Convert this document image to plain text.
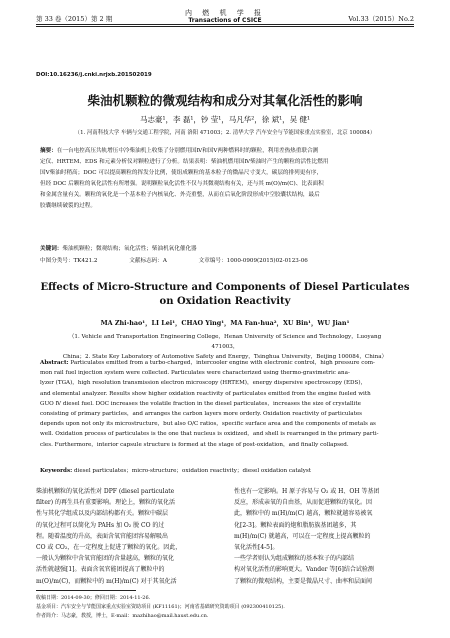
第 33 卷（2015）第 2 期
内 燃 机 学 报
Transactions of CSICE	Vol.33（2015）No.2
DOI:10.16236/j.cnki.nrjxb.201502019
柴油机颗粒的微观结构和成分对其氧化活性的影响
马志豪¹，李 磊¹，钞 莹¹，马凡华²，徐 斌¹，吴 健¹
（1. 河南科技大学 车辆与交通工程学院，河南 洛阳 471003；2. 清华大学 汽车安全与节能国家重点实验室，北京 100084）
摘要：在一台电控高压共轨增压中冷柴油机上收集了分别燃用国Ⅳ和国Ⅴ两种燃料时的颗粒，利用差热热重联合测
定仪、HRTEM、EDS 和元素分析仪对颗粒进行了分析。结果表明：柴油机燃用国Ⅳ柴油时产生的颗粒的活性比燃用
国Ⅴ柴油时稍高；DOC 可以提高颗粒的挥发分比例，使组成颗粒的基本粒子的微晶尺寸变大，碳层的排列更有序，
但经 DOC 后颗粒的氧化活性有所增强。说明颗粒氧化活性不仅与其微观结构有关，还与其 m(O)/m(C)、比表面积
和金属含量有关。颗粒的氧化是一个基本粒子内核氧化、外壳重整，从而在后氧化阶段形成中空胶囊状结构，最后
胶囊继续破裂的过程。
关键词：柴油机颗粒；微观结构；氧化活性；柴油机氧化催化器
中图分类号：TK421.2	文献标志码：A	文章编号：1000-0909(2015)02-0123-06
Effects of Micro-Structure and Components of Diesel Particulates
on Oxidation Reactivity
MA Zhi-hao¹，LI Lei¹，CHAO Ying¹，MA Fan-hua²，XU Bin¹，WU Jian¹
（1. Vehicle and Transportation Engineering College，Henan University of Science and Technology，Luoyang 471003，
China；2. State Key Laboratory of Automotive Safety and Energy，Tsinghua University，Beijing 100084，China）
Abstract: Particulates emitted from a turbo-charged，intercooler engine with electronic control，high pressure com-
mon rail fuel injection system were collected. Particulates were characterized using thermo-gravimetric ana-
lyzer (TGA)，high resolution transmission electron microscopy (HRTEM)，energy dispersive spectroscopy (EDS)，
and elemental analyzer. Results show higher oxidation reactivity of particulates emitted from the engine fueled with
GUO Ⅳ diesel fuel. DOC increases the volatile fraction in the diesel particulates，increases the size of crystallite
consisting of primary particles，and arranges the carbon layers more orderly. Oxidation reactivity of particulates
depends upon not only its microstructure，but also O/C ratios，specific surface area and the components of metals as
well. Oxidation process of particulates is the one that nucleus is oxidized，and shell is rearranged in the primary parti-
cles. Furthermore，interior capsule structure is formed at the stage of post-oxidation，and finally collapsed.
Keywords: diesel particulates；micro-structure；oxidation reactivity；diesel oxidation catalyst
柴油机颗粒的氧化活性对 DPF (diesel particulate
filter) 的再生具有重要影响。理论上，颗粒的氧化活
性与其化学组成以及内部结构都有关。颗粒中碳层
的氧化过程可以简化为 PAHs 加 O₂ 脱 CO 的过
程。随着温度的升高，表面含氧官能团容易解吸出
CO 或 CO₂，在一定程度上促进了颗粒的氧化。因此，
一般认为颗粒中含氧官能团的含量越高，颗粒的氧化
活性就越强[1]。表面含氧官能团提高了颗粒中的
m(O)/m(C)，而颗粒中的 m(H)/m(C) 对于其氧化活
性也有一定影响。H 原子容易与 O₂ 或 H、OH 等基团
反应，形成亲氧的自由基，从而促进颗粒的氧化。因
此，颗粒中的 m(H)/m(C) 越高，颗粒就越容易被氧
化[2-3]。颗粒表面的炮和脂肪族基团越多，其
m(H)/m(C) 就越高，可以在一定程度上提高颗粒的
氧化活性[4-5]。
一些学者则认为组成颗粒的基本粒子的内部结
构对氧化活性的影响更大。Vander 等[6]结合试验测
了颗粒的微观结构，主要是微晶尺寸、曲率和层面间
收稿日期：2014-09-30；修回日期：2014-11-26.
基金项目：汽车安全与节能国家重点实验室资助项目 (KF11161)；河南省基础研究资助项目 (092300410125).
作者简介：马志豪，教授，博士，E-mail：mazhihao@mail.haust.edu.cn.
